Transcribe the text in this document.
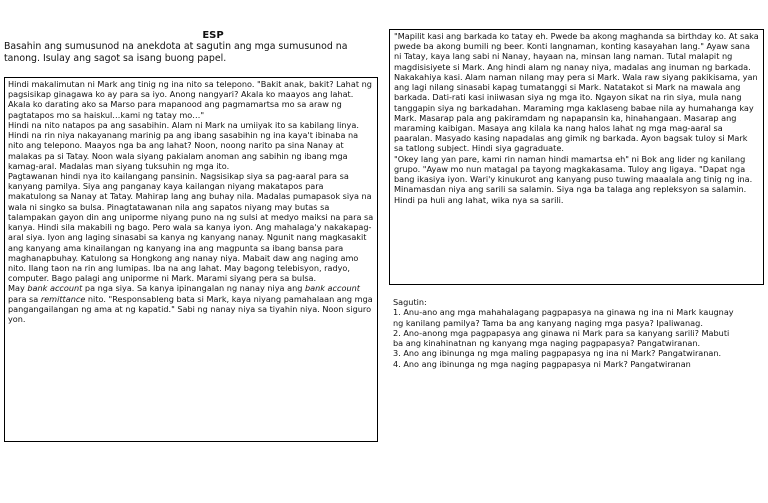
ESP
Basahin ang sumusunod na anekdota at sagutin ang mga sumusunod na tanong. Isulay ang sagot sa isang buong papel.

Hindi makalimutan ni Mark ang tinig ng ina nito sa telepono. "Bakit anak, bakit? Lahat ng pagsisikap ginagawa ko ay para sa iyo. Anong nangyari? Akala ko maayos ang lahat. Akala ko darating ako sa Marso para mapanood ang pagmamartsa mo sa araw ng pagtatapos mo sa haiskul…kami ng tatay mo…"

Hindi na nito natapos pa ang sasabihin. Alam ni Mark na umiiyak ito sa kabilang linya. Hindi na rin niya nakayanang marinig pa ang ibang sasabihin ng ina kaya't ibinaba na nito ang telepono. Maayos nga ba ang lahat? Noon, noong narito pa sina Nanay at malakas pa si Tatay. Noon wala siyang pakialam anoman ang sabihin ng ibang mga kamag-aral. Madalas man siyang tuksuhin ng mga ito.

Pagtawanan hindi nya ito kailangang pansinin. Nagsisikap siya sa pag-aaral para sa kanyang pamilya. Siya ang panganay kaya kailangan niyang makatapos para makatulong sa Nanay at Tatay. Mahirap lang ang buhay nila. Madalas pumapasok siya na wala ni singko sa bulsa. Pinagtatawanan nila ang sapatos niyang may butas sa talampakan gayon din ang uniporme niyang puno na ng sulsi at medyo maiksi na para sa kanya. Hindi sila makabili ng bago. Pero wala sa kanya iyon. Ang mahalaga'y nakakapag-aral siya. Iyon ang laging sinasabi sa kanya ng kanyang nanay. Ngunit nang magkasakit ang kanyang ama kinailangan ng kanyang ina ang magpunta sa ibang bansa para maghanapbuhay. Katulong sa Hongkong ang nanay niya. Mabait daw ang naging amo nito. Ilang taon na rin ang lumipas. Iba na ang lahat. May bagong telebisyon, radyo, computer. Bago palagi ang uniporme ni Mark. Marami siyang pera sa bulsa.

May bank account pa nga siya. Sa kanya ipinangalan ng nanay niya ang bank account para sa remittance nito. "Responsableng bata si Mark, kaya niyang pamahalaan ang mga pangangailangan ng ama at ng kapatid." Sabi ng nanay niya sa tiyahin niya. Noon siguro yon.

"Mapilit kasi ang barkada ko tatay eh. Pwede ba akong maghanda sa birthday ko. At saka pwede ba akong bumili ng beer. Konti langnaman, konting kasayahan lang." Ayaw sana ni Tatay, kaya lang sabi ni Nanay, hayaan na, minsan lang naman. Tutal malapit ng magdisisiyete si Mark. Ang hindi alam ng nanay niya, madalas ang inuman ng barkada. Nakakahiya kasi. Alam naman nilang may pera si Mark. Wala raw siyang pakikisama, yan ang lagi nilang sinasabi kapag tumatanggi si Mark. Natatakot si Mark na mawala ang barkada. Dati-rati kasi iniiwasan siya ng mga ito. Ngayon sikat na rin siya, mula nang tanggapin siya ng barkadahan. Maraming mga kaklaseng babae nila ay humahanga kay Mark. Masarap pala ang pakiramdam ng napapansin ka, hinahangaan. Masarap ang maraming kaibigan. Masaya ang kilala ka nang halos lahat ng mga mag-aaral sa paaralan. Masyado kasing napadalas ang gimik ng barkada. Ayon bagsak tuloy si Mark sa tatlong subject. Hindi siya gagraduate.

"Okey lang yan pare, kami rin naman hindi mamartsa eh" ni Bok ang lider ng kanilang grupo. "Ayaw mo nun matagal pa tayong magkakasama. Tuloy ang ligaya. "Dapat nga bang ikasiya iyon. Wari'y kinukurot ang kanyang puso tuwing maaalala ang tinig ng ina. Minamasdan niya ang sarili sa salamin. Siya nga ba talaga ang repleksyon sa salamin. Hindi pa huli ang lahat, wika nya sa sarili.

Sagutin:

1. Anu-ano ang mga mahahalagang pagpapasya na ginawa ng ina ni Mark kaugnay

ng kanilang pamilya? Tama ba ang kanyang naging mga pasya? Ipaliwanag.

2. Ano-anong mga pagpapasya ang ginawa ni Mark para sa kanyang sarili? Mabuti

ba ang kinahinatnan ng kanyang mga naging pagpapasya? Pangatwiranan.

3. Ano ang ibinunga ng mga maling pagpapasya ng ina ni Mark? Pangatwiranan.

4. Ano ang ibinunga ng mga naging pagpapasya ni Mark? Pangatwiranan
